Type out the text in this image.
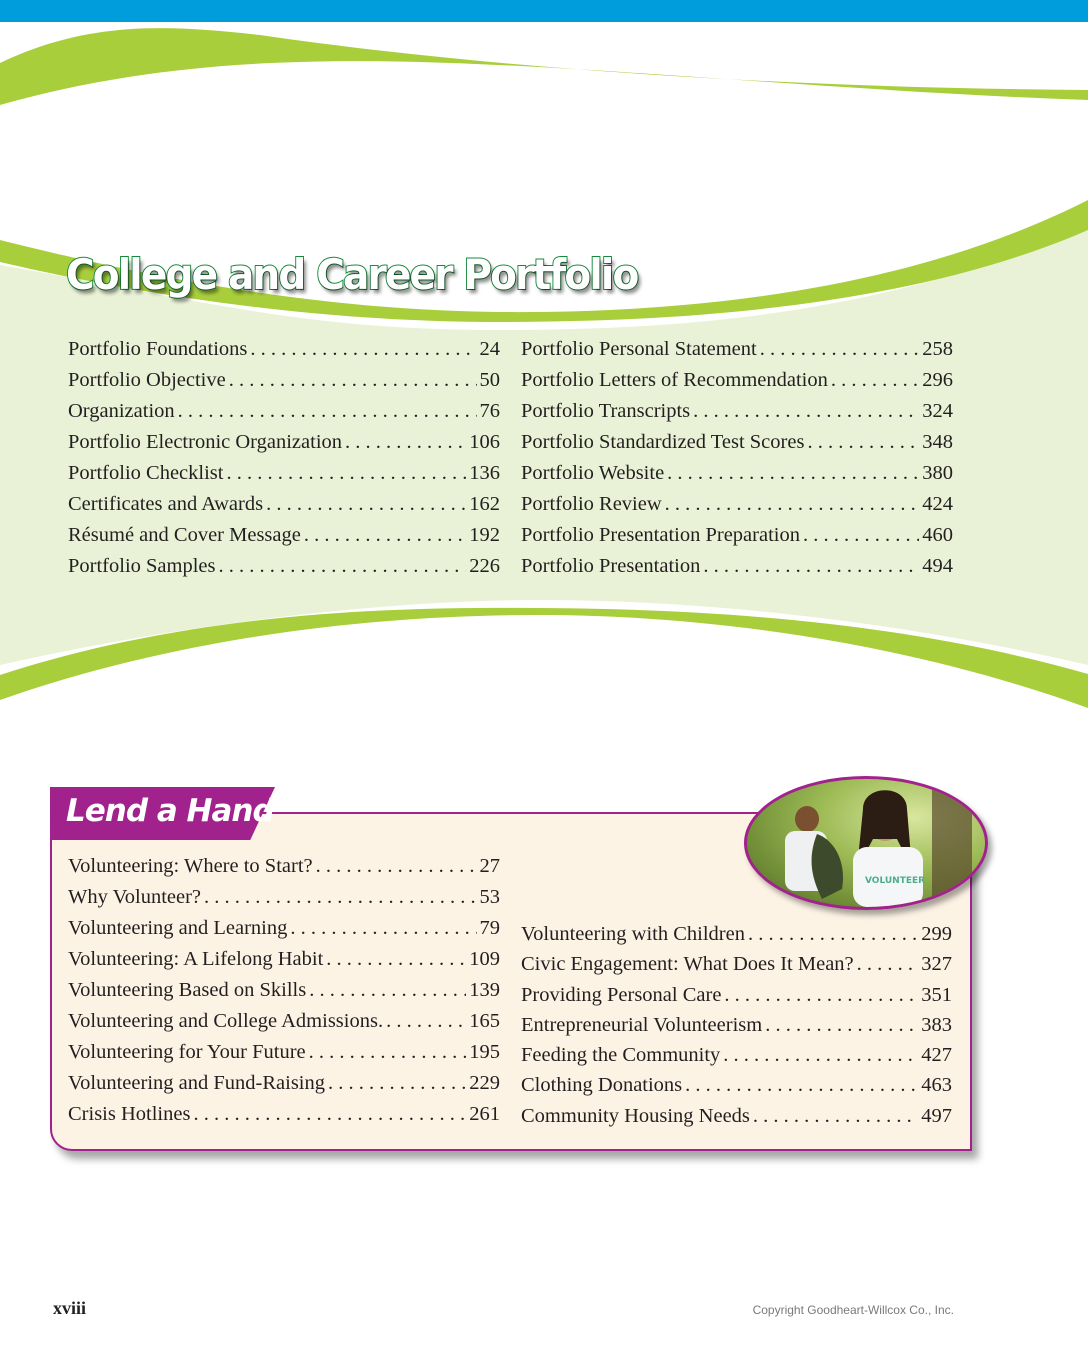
College and Career Portfolio
Portfolio Foundations . . .	24
Portfolio Objective . . .	50
Organization . . .	76
Portfolio Electronic Organization . . .	106
Portfolio Checklist . . .	136
Certificates and Awards . . .	162
Résumé and Cover Message . . .	192
Portfolio Samples . . .	226
Portfolio Personal Statement . . .	258
Portfolio Letters of Recommendation . . .	296
Portfolio Transcripts . . .	324
Portfolio Standardized Test Scores . . .	348
Portfolio Website . . .	380
Portfolio Review . . .	424
Portfolio Presentation Preparation . . .	460
Portfolio Presentation . . .	494
Lend a Hand
VOLUNTEER
Volunteering: Where to Start? . . .	27
Why Volunteer? . . .	53
Volunteering and Learning . . .	79
Volunteering: A Lifelong Habit . . .	109
Volunteering Based on Skills . . .	139
Volunteering and College Admissions. . . .	165
Volunteering for Your Future . . .	195
Volunteering and Fund-Raising . . .	229
Crisis Hotlines . . .	261
Volunteering with Children . . .	299
Civic Engagement: What Does It Mean? . . .	327
Providing Personal Care . . .	351
Entrepreneurial Volunteerism . . .	383
Feeding the Community . . .	427
Clothing Donations . . .	463
Community Housing Needs . . .	497
xviii	Copyright Goodheart-Willcox Co., Inc.
